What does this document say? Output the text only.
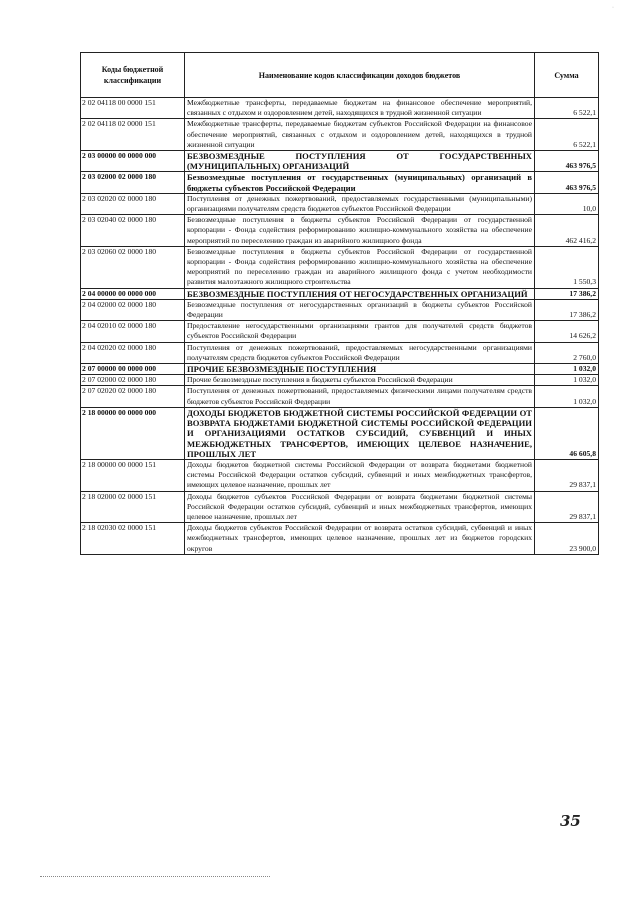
·
Коды бюджетной классификации	Наименование кодов классификации доходов бюджетов	Сумма
2 02 04118 00 0000 151	Межбюджетные трансферты, передаваемые бюджетам на финансовое обеспечение мероприятий, связанных с отдыхом и оздоровлением детей, находящихся в трудной жизненной ситуации	6 522,1
2 02 04118 02 0000 151	Межбюджетные трансферты, передаваемые бюджетам субъектов Российской Федерации на финансовое обеспечение мероприятий, связанных с отдыхом и оздоровлением детей, находящихся в трудной жизненной ситуации	6 522,1
2 03 00000 00 0000 000	БЕЗВОЗМЕЗДНЫЕ ПОСТУПЛЕНИЯ ОТ ГОСУДАРСТВЕННЫХ (МУНИЦИПАЛЬНЫХ) ОРГАНИЗАЦИЙ	463 976,5
2 03 02000 02 0000 180	Безвозмездные поступления от государственных (муниципальных) организаций в бюджеты субъектов Российской Федерации	463 976,5
2 03 02020 02 0000 180	Поступления от денежных пожертвований, предоставляемых государственными (муниципальными) организациями получателям средств бюджетов субъектов Российской Федерации	10,0
2 03 02040 02 0000 180	Безвозмездные поступления в бюджеты субъектов Российской Федерации от государственной корпорации - Фонда содействия реформированию жилищно-коммунального хозяйства на обеспечение мероприятий по переселению граждан из аварийного жилищного фонда	462 416,2
2 03 02060 02 0000 180	Безвозмездные поступления в бюджеты субъектов Российской Федерации от государственной корпорации - Фонда содействия реформированию жилищно-коммунального хозяйства на обеспечение мероприятий по переселению граждан из аварийного жилищного фонда с учетом необходимости развития малоэтажного жилищного строительства	1 550,3
2 04 00000 00 0000 000	БЕЗВОЗМЕЗДНЫЕ ПОСТУПЛЕНИЯ ОТ НЕГОСУДАРСТВЕННЫХ ОРГАНИЗАЦИЙ	17 386,2
2 04 02000 02 0000 180	Безвозмездные поступления от негосударственных организаций в бюджеты субъектов Российской Федерации	17 386,2
2 04 02010 02 0000 180	Предоставление негосударственными организациями грантов для получателей средств бюджетов субъектов Российской Федерации	14 626,2
2 04 02020 02 0000 180	Поступления от денежных пожертвований, предоставляемых негосударственными организациями получателям средств бюджетов субъектов Российской Федерации	2 760,0
2 07 00000 00 0000 000	ПРОЧИЕ БЕЗВОЗМЕЗДНЫЕ ПОСТУПЛЕНИЯ	1 032,0
2 07 02000 02 0000 180	Прочие безвозмездные поступления в бюджеты субъектов Российской Федерации	1 032,0
2 07 02020 02 0000 180	Поступления от денежных пожертвований, предоставляемых физическими лицами получателям средств бюджетов субъектов Российской Федерации	1 032,0
2 18 00000 00 0000 000	ДОХОДЫ БЮДЖЕТОВ БЮДЖЕТНОЙ СИСТЕМЫ РОССИЙСКОЙ ФЕДЕРАЦИИ ОТ ВОЗВРАТА БЮДЖЕТАМИ БЮДЖЕТНОЙ СИСТЕМЫ РОССИЙСКОЙ ФЕДЕРАЦИИ И ОРГАНИЗАЦИЯМИ ОСТАТКОВ СУБСИДИЙ, СУБВЕНЦИЙ И ИНЫХ МЕЖБЮДЖЕТНЫХ ТРАНСФЕРТОВ, ИМЕЮЩИХ ЦЕЛЕВОЕ НАЗНАЧЕНИЕ, ПРОШЛЫХ ЛЕТ	46 605,8
2 18 00000 00 0000 151	Доходы бюджетов бюджетной системы Российской Федерации от возврата бюджетами бюджетной системы Российской Федерации остатков субсидий, субвенций и иных межбюджетных трансфертов, имеющих целевое назначение, прошлых лет	29 837,1
2 18 02000 02 0000 151	Доходы бюджетов субъектов Российской Федерации от возврата бюджетами бюджетной системы Российской Федерации остатков субсидий, субвенций и иных межбюджетных трансфертов, имеющих целевое назначение, прошлых лет	29 837,1
2 18 02030 02 0000 151	Доходы бюджетов субъектов Российской Федерации от возврата остатков субсидий, субвенций и иных межбюджетных трансфертов, имеющих целевое назначение, прошлых лет из бюджетов городских округов	23 900,0
35
